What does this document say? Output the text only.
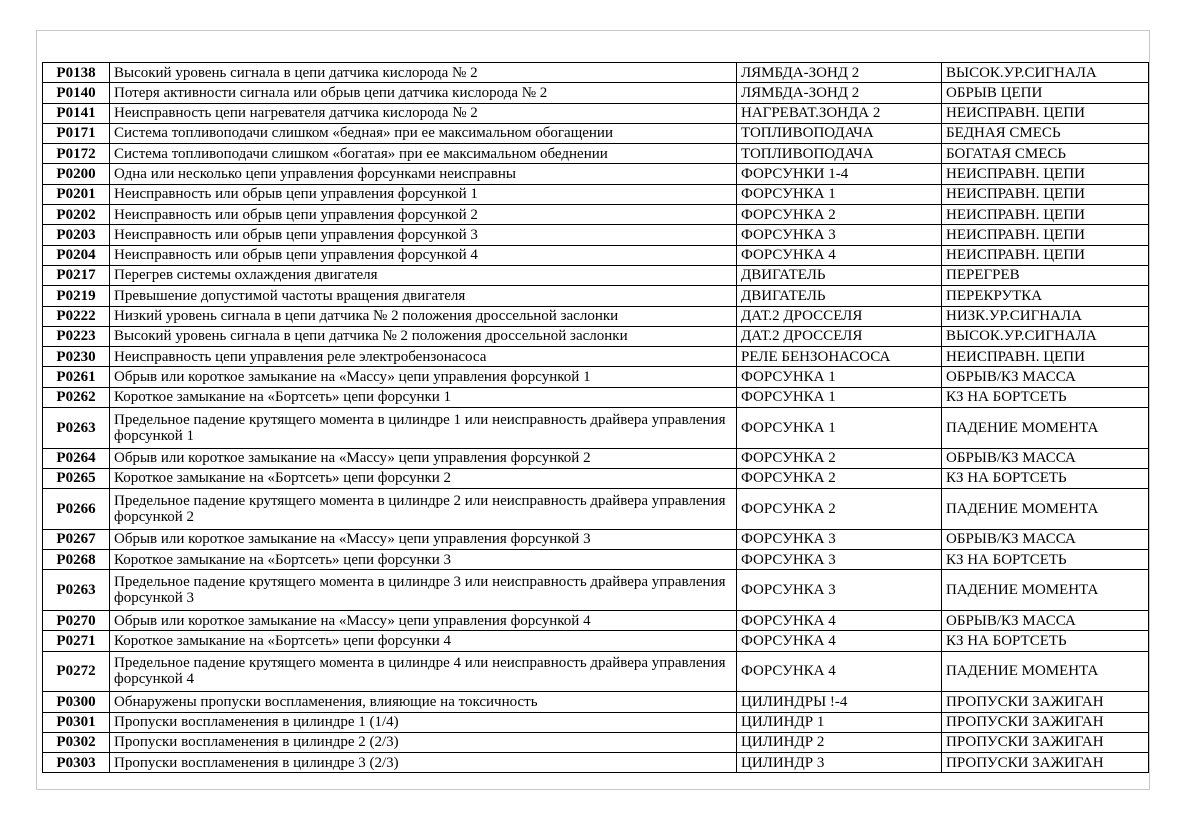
P0138	Высокий уровень сигнала в цепи датчика кислорода № 2	ЛЯМБДА-ЗОНД 2	ВЫСОК.УР.СИГНАЛА
P0140	Потеря активности сигнала или обрыв цепи датчика кислорода № 2	ЛЯМБДА-ЗОНД 2	ОБРЫВ ЦЕПИ
P0141	Неисправность цепи нагревателя датчика кислорода № 2	НАГРЕВАТ.ЗОНДА 2	НЕИСПРАВН. ЦЕПИ
P0171	Система топливоподачи слишком «бедная» при ее максимальном обогащении	ТОПЛИВОПОДАЧА	БЕДНАЯ СМЕСЬ
P0172	Система топливоподачи слишком «богатая» при ее максимальном обеднении	ТОПЛИВОПОДАЧА	БОГАТАЯ СМЕСЬ
P0200	Одна или несколько цепи управления форсунками неисправны	ФОРСУНКИ 1-4	НЕИСПРАВН. ЦЕПИ
P0201	Неисправность или обрыв цепи управления форсункой 1	ФОРСУНКА 1	НЕИСПРАВН. ЦЕПИ
P0202	Неисправность или обрыв цепи управления форсункой 2	ФОРСУНКА 2	НЕИСПРАВН. ЦЕПИ
P0203	Неисправность или обрыв цепи управления форсункой 3	ФОРСУНКА 3	НЕИСПРАВН. ЦЕПИ
P0204	Неисправность или обрыв цепи управления форсункой 4	ФОРСУНКА 4	НЕИСПРАВН. ЦЕПИ
P0217	Перегрев системы охлаждения двигателя	ДВИГАТЕЛЬ	ПЕРЕГРЕВ
P0219	Превышение допустимой частоты вращения двигателя	ДВИГАТЕЛЬ	ПЕРЕКРУТКА
P0222	Низкий уровень сигнала в цепи датчика № 2 положения дроссельной заслонки	ДАТ.2 ДРОССЕЛЯ	НИЗК.УР.СИГНАЛА
P0223	Высокий уровень сигнала в цепи датчика № 2 положения дроссельной заслонки	ДАТ.2 ДРОССЕЛЯ	ВЫСОК.УР.СИГНАЛА
P0230	Неисправность цепи управления реле электробензонасоса	РЕЛЕ БЕНЗОНАСОСА	НЕИСПРАВН. ЦЕПИ
P0261	Обрыв или короткое замыкание на «Массу» цепи управления форсункой 1	ФОРСУНКА 1	ОБРЫВ/КЗ МАССА
P0262	Короткое замыкание на «Бортсеть» цепи форсунки 1	ФОРСУНКА 1	КЗ НА БОРТСЕТЬ
P0263	Предельное падение крутящего момента в цилиндре 1 или неисправность драйвера управления форсункой 1	ФОРСУНКА 1	ПАДЕНИЕ МОМЕНТА
P0264	Обрыв или короткое замыкание на «Массу» цепи управления форсункой 2	ФОРСУНКА 2	ОБРЫВ/КЗ МАССА
P0265	Короткое замыкание на «Бортсеть» цепи форсунки 2	ФОРСУНКА 2	КЗ НА БОРТСЕТЬ
P0266	Предельное падение крутящего момента в цилиндре 2 или неисправность драйвера управления форсункой 2	ФОРСУНКА 2	ПАДЕНИЕ МОМЕНТА
P0267	Обрыв или короткое замыкание на «Массу» цепи управления форсункой 3	ФОРСУНКА 3	ОБРЫВ/КЗ МАССА
P0268	Короткое замыкание на «Бортсеть» цепи форсунки 3	ФОРСУНКА 3	КЗ НА БОРТСЕТЬ
P0263	Предельное падение крутящего момента в цилиндре 3 или неисправность драйвера управления форсункой 3	ФОРСУНКА 3	ПАДЕНИЕ МОМЕНТА
P0270	Обрыв или короткое замыкание на «Массу» цепи управления форсункой 4	ФОРСУНКА 4	ОБРЫВ/КЗ МАССА
P0271	Короткое замыкание на «Бортсеть» цепи форсунки 4	ФОРСУНКА 4	КЗ НА БОРТСЕТЬ
P0272	Предельное падение крутящего момента в цилиндре 4 или неисправность драйвера управления форсункой 4	ФОРСУНКА 4	ПАДЕНИЕ МОМЕНТА
P0300	Обнаружены пропуски воспламенения, влияющие на токсичность	ЦИЛИНДРЫ !-4	ПРОПУСКИ ЗАЖИГАН
P0301	Пропуски воспламенения в цилиндре 1 (1/4)	ЦИЛИНДР 1	ПРОПУСКИ ЗАЖИГАН
P0302	Пропуски воспламенения в цилиндре 2 (2/3)	ЦИЛИНДР 2	ПРОПУСКИ ЗАЖИГАН
P0303	Пропуски воспламенения в цилиндре 3 (2/3)	ЦИЛИНДР 3	ПРОПУСКИ ЗАЖИГАН
